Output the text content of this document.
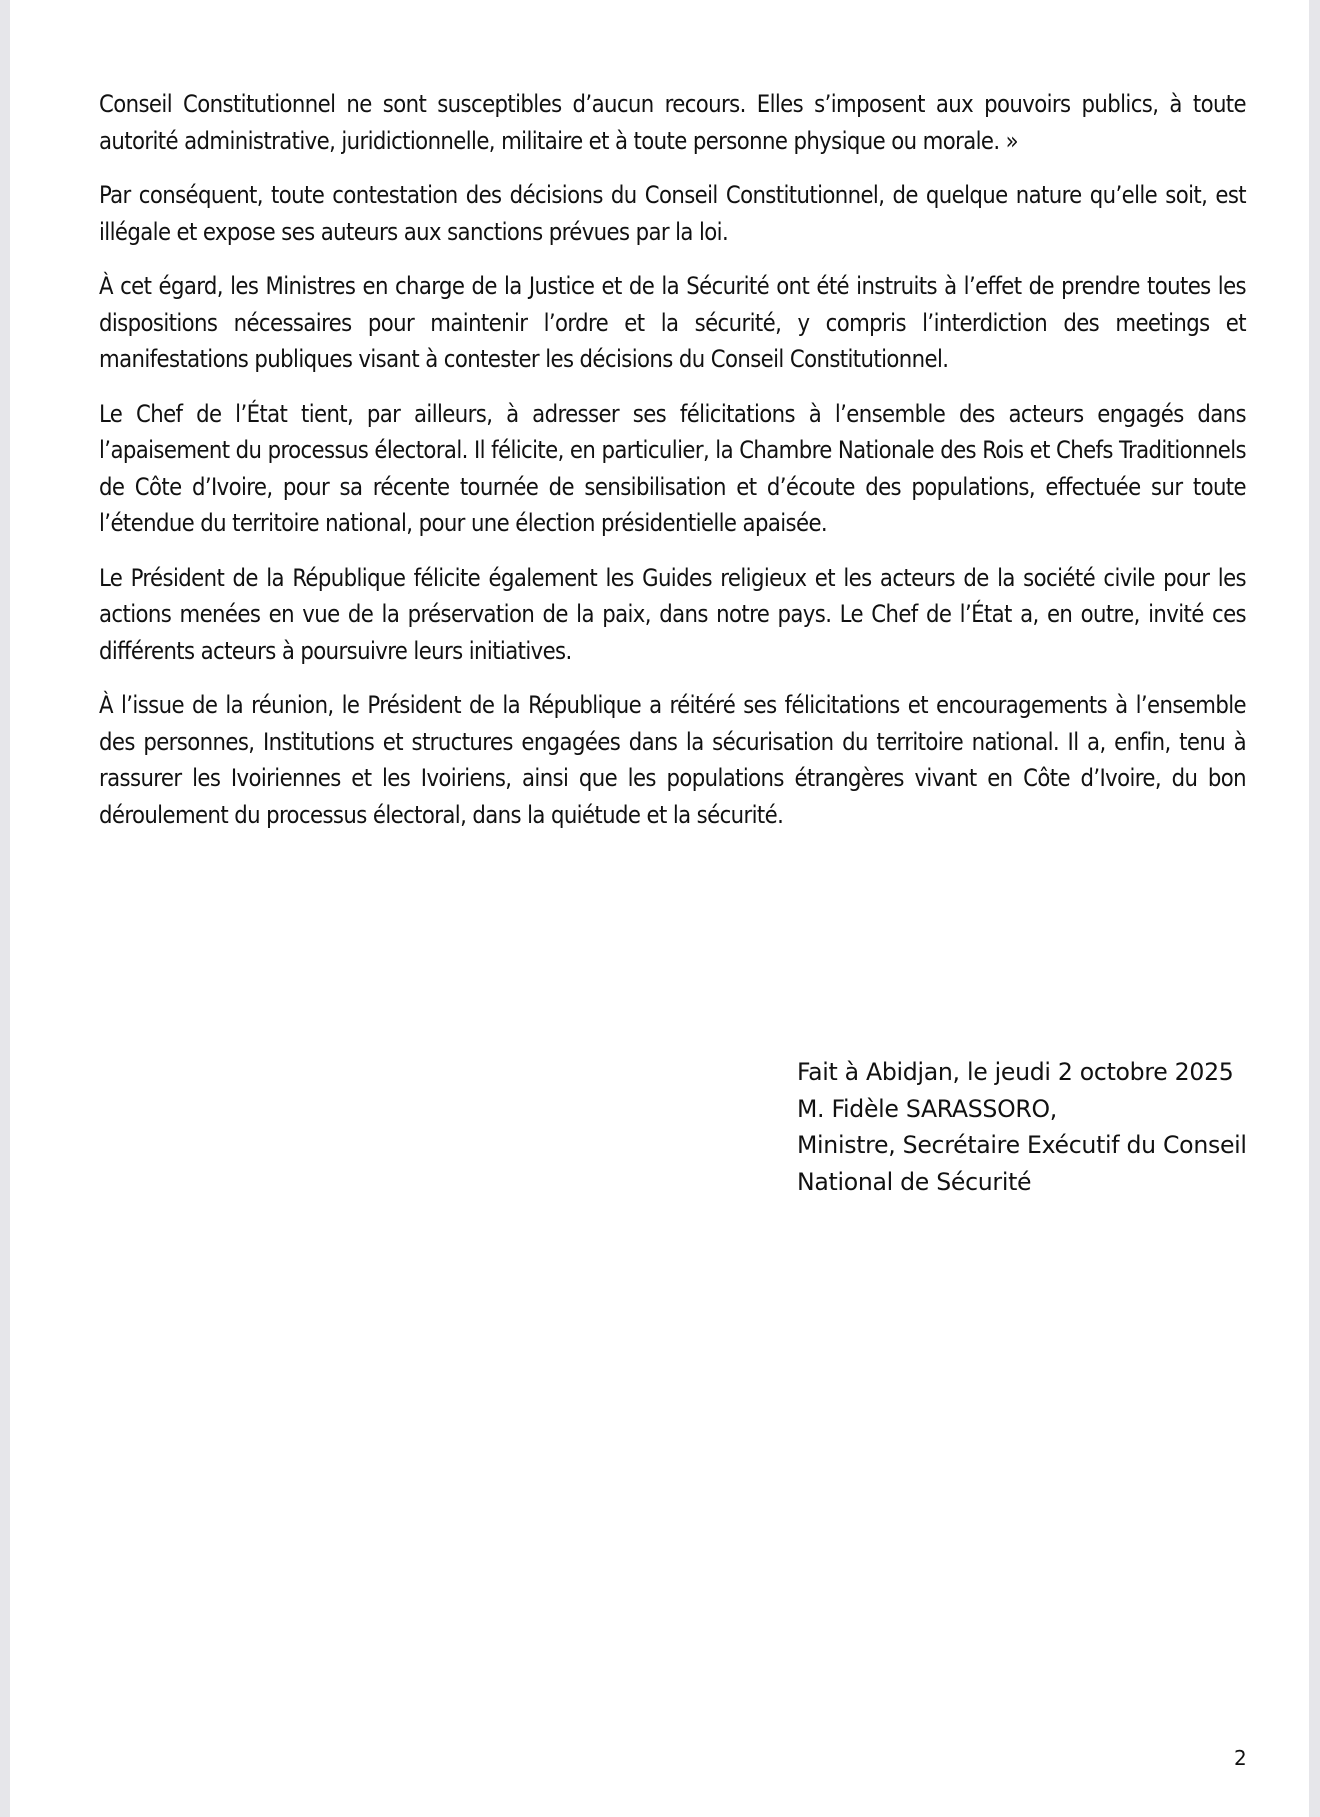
Conseil Constitutionnel ne sont susceptibles d’aucun recours. Elles s’imposent aux pouvoirs publics, à toute autorité administrative, juridictionnelle, militaire et à toute personne physique ou morale. »

Par conséquent, toute contestation des décisions du Conseil Constitutionnel, de quelque nature qu’elle soit, est illégale et expose ses auteurs aux sanctions prévues par la loi.

À cet égard, les Ministres en charge de la Justice et de la Sécurité ont été instruits à l’effet de prendre toutes les dispositions nécessaires pour maintenir l’ordre et la sécurité, y compris l’interdiction des meetings et manifestations publiques visant à contester les décisions du Conseil Constitutionnel.

Le Chef de l’État tient, par ailleurs, à adresser ses félicitations à l’ensemble des acteurs engagés dans l’apaisement du processus électoral. Il félicite, en particulier, la Chambre Nationale des Rois et Chefs Traditionnels de Côte d’Ivoire, pour sa récente tournée de sensibilisation et d’écoute des populations, effectuée sur toute l’étendue du territoire national, pour une élection présidentielle apaisée.

Le Président de la République félicite également les Guides religieux et les acteurs de la société civile pour les actions menées en vue de la préservation de la paix, dans notre pays. Le Chef de l’État a, en outre, invité ces différents acteurs à poursuivre leurs initiatives.

À l’issue de la réunion, le Président de la République a réitéré ses félicitations et encouragements à l’ensemble des personnes, Institutions et structures engagées dans la sécurisation du territoire national. Il a, enfin, tenu à rassurer les Ivoiriennes et les Ivoiriens, ainsi que les populations étrangères vivant en Côte d’Ivoire, du bon déroulement du processus électoral, dans la quiétude et la sécurité.

Fait à Abidjan, le jeudi 2 octobre 2025
M. Fidèle SARASSORO,
Ministre, Secrétaire Exécutif du Conseil
National de Sécurité
2
